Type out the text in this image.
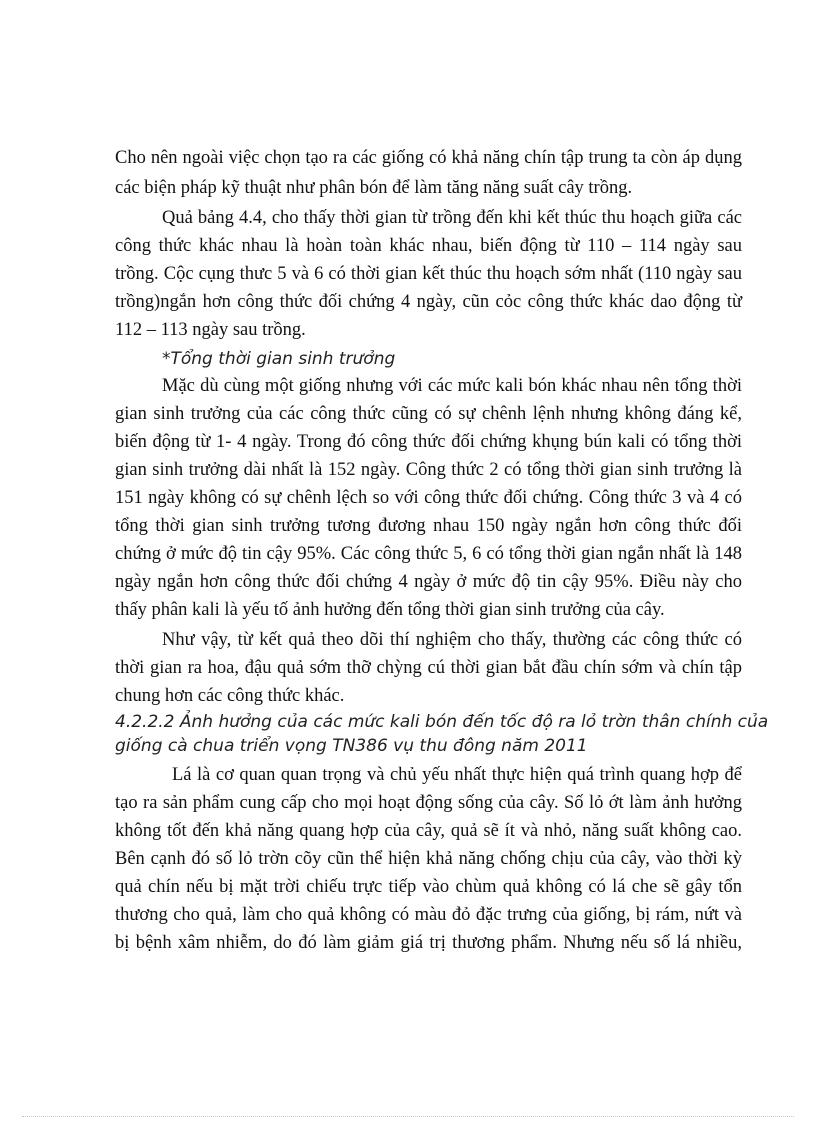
Cho nên ngoài việc chọn tạo ra các giống có khả năng chín tập trung ta còn áp dụng
các biện pháp kỹ thuật như phân bón để làm tăng năng suất cây trồng.
Quả bảng 4.4, cho thấy thời gian từ trồng đến khi kết thúc thu hoạch giữa các
công thức khác nhau là hoàn toàn khác nhau, biến động từ 110 – 114 ngày sau
trồng. Cộc cụng thưc 5 và 6 có thời gian kết thúc thu hoạch sớm nhất (110 ngày sau
trồng)ngắn hơn công thức đối chứng 4 ngày, cũn cỏc công thức khác dao động từ
112 – 113 ngày sau trồng.
*Tổng thời gian sinh trưởng
Mặc dù cùng một giống nhưng với các mức kali bón khác nhau nên tổng thời
gian sinh trưởng của các công thức cũng có sự chênh lệnh nhưng không đáng kể,
biến động từ 1- 4 ngày. Trong đó công thức đối chứng khụng bún kali có tổng thời
gian sinh trưởng dài nhất là 152 ngày. Công thức 2 có tổng thời gian sinh trưởng là
151 ngày không có sự chênh lệch so với công thức đối chứng. Công thức 3 và 4 có
tổng thời gian sinh trưởng tương đương nhau 150 ngày ngắn hơn công thức đối
chứng ở mức độ tin cậy 95%. Các công thức 5, 6 có tổng thời gian ngắn nhất là 148
ngày ngắn hơn công thức đối chứng 4 ngày ở mức độ tin cậy 95%. Điều này cho
thấy phân kali là yếu tố ảnh hưởng đến tổng thời gian sinh trưởng của cây.
Như vậy, từ kết quả theo dõi thí nghiệm cho thấy, thường các công thức có
thời gian ra hoa, đậu quả sớm thỡ chỳng cú thời gian bắt đầu chín sớm và chín tập
chung hơn các công thức khác.
4.2.2.2 Ảnh hưởng của các mức kali bón đến tốc độ ra lỏ trờn thân chính của
giống cà chua triển vọng TN386 vụ thu đông năm 2011
Lá là cơ quan quan trọng và chủ yếu nhất thực hiện quá trình quang hợp để
tạo ra sản phẩm cung cấp cho mọi hoạt động sống của cây. Số lỏ ớt làm ảnh hưởng
không tốt đến khả năng quang hợp của cây, quả sẽ ít và nhỏ, năng suất không cao.
Bên cạnh đó số lỏ trờn cõy cũn thể hiện khả năng chống chịu của cây, vào thời kỳ
quả chín nếu bị mặt trời chiếu trực tiếp vào chùm quả không có lá che sẽ gây tổn
thương cho quả, làm cho quả không có màu đỏ đặc trưng của giống, bị rám, nứt và
bị bệnh xâm nhiễm, do đó làm giảm giá trị thương phẩm. Nhưng nếu số lá nhiều,
